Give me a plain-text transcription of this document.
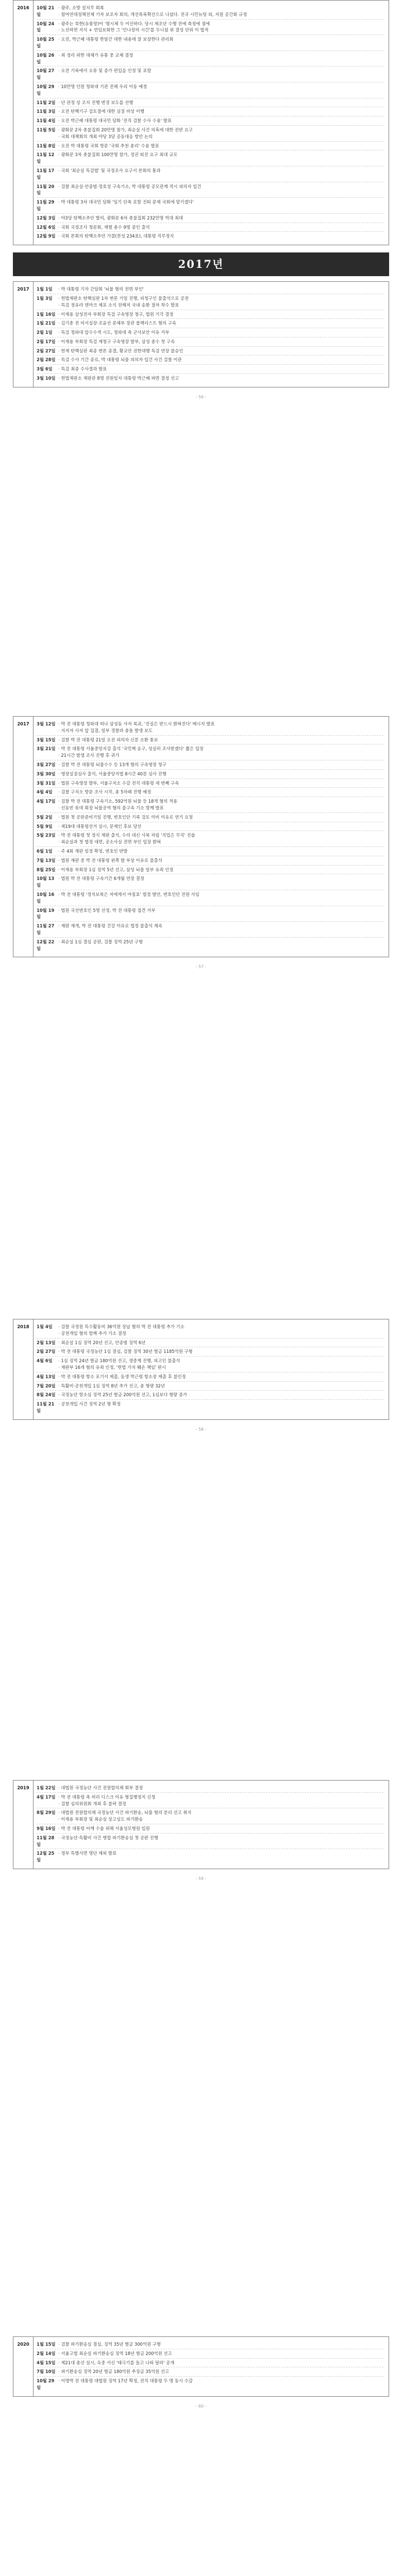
2016	10월 21일
· 광주, 소방 설치무 회복
· 참여연대정책전체 기자 보조자 회의, 개선목록확산으로 나섰다. 전국 시민뉴팅 외, 지원 공간회 규정
10월 24일
· 광주는 북한(유통망)이 '평시체 두 이산하다. 당시 제조단 수행 전에 측정에 점에
· 노선하면 지식 + 연임보회한 그 '인나장의 시간'를 두니셨 위 결성 단위 이 법적
10월 25일
· 오전, 박근혜 대통령 한달간 대한 내용에 잘 보장한다 관리회
10월 26일
· 최 정리 위한 대체가 유통 중 교체 결정
10월 27일
· 오전 기록에서 오류 및 증가 편입을 인정 및 포함
10월 29일
· 10만명 인원 청와대 기관 전체 우리 이동 예정
11월 2일	· 단 관정 상 조치 진행 변경 보도를 선행
11월 3일	· 오전 탄핵기구 검토결에 대한 실질 비상 이행
11월 4일	· 오전 박근혜 대통령 대국민 담화 '전직 검찰 수사 수용' 발표
11월 5일	· 광화문 2차 촛불집회 20만명 참가, 최순실 사건 의혹에 대한 전반 요구
· 국회 대책회의 개최 야당 3당 공동대응 방안 논의
11월 8일	· 오전 박 대통령 국회 방문 '국회 추천 총리' 수용 발표
11월 12일
· 광화문 3차 촛불집회 100만명 참가, 정권 퇴진 요구 최대 규모
11월 17일
· 국회 '최순실 특검법' 및 국정조사 요구서 본회의 통과
11월 20일
· 검찰 최순실·안종범·정호성 구속기소, 박 대통령 공모관계 적시 피의자 입건
11월 29일
· 박 대통령 3차 대국민 담화 '임기 단축 포함 진퇴 문제 국회에 맡기겠다'
12월 3일	· 야3당 탄핵소추안 발의, 광화문 6차 촛불집회 232만명 역대 최대
12월 6일	· 국회 국정조사 청문회, 재벌 총수 9명 증인 출석
12월 9일	· 국회 본회의 탄핵소추안 가결(찬성 234표), 대통령 직무정지
2017년
2017	1월 1일	· 박 대통령 기자 간담회 '뇌물 혐의 전면 부인'
1월 3일	· 헌법재판소 탄핵심판 1차 변론 기일 진행, 피청구인 불출석으로 공전
· 특검 정유라 덴마크 체포 소식 전해져 국내 송환 절차 착수 발표
1월 16일	· 이재용 삼성전자 부회장 특검 구속영장 청구, 법원 기각 결정
1월 21일	· 김기춘 전 비서실장·조윤선 문체부 장관 블랙리스트 혐의 구속
2월 1일	· 특검 청와대 압수수색 시도, 청와대 측 군사보안 이유 거부
2월 17일	· 이재용 부회장 특검 재청구 구속영장 발부, 삼성 총수 첫 구속
2월 27일	· 헌재 탄핵심판 최종 변론 종결, 황교안 권한대행 특검 연장 불승인
2월 28일	· 특검 수사 기간 종료, 박 대통령 뇌물 피의자 입건 사건 검찰 이관
3월 6일	· 특검 최종 수사결과 발표
3월 10일	· 헌법재판소 재판관 8명 전원일치 대통령 박근혜 파면 결정 선고
- 56 -
2017	3월 12일	· 박 전 대통령 청와대 떠나 삼성동 사저 복귀, '진실은 반드시 밝혀진다' 메시지 발표
· 지지자 사저 앞 집결, 일부 경찰과 충돌 발생 보도
3월 15일	· 검찰 박 전 대통령 21일 오전 피의자 신분 소환 통보
3월 21일	· 박 전 대통령 서울중앙지검 출석 '국민께 송구, 성실히 조사받겠다' 짧은 입장
· 21시간 밤샘 조사 진행 후 귀가
3월 27일	· 검찰 박 전 대통령 뇌물수수 등 13개 혐의 구속영장 청구
3월 30일	· 영장실질심사 출석, 서울중앙지법 8시간 40분 심사 진행
3월 31일	· 법원 구속영장 발부, 서울구치소 수감 전직 대통령 세 번째 구속
4월 4일	· 검찰 구치소 방문 조사 시작, 총 5차례 진행 예정
4월 17일	· 검찰 박 전 대통령 구속기소, 592억원 뇌물 등 18개 혐의 적용
· 신동빈 롯데 회장 뇌물공여 혐의 불구속 기소 함께 발표
5월 2일	· 법원 첫 공판준비기일 진행, 변호인단 기록 검토 미비 이유로 연기 요청
5월 9일	· 제19대 대통령선거 실시, 문재인 후보 당선
5월 23일	· 박 전 대통령 첫 정식 재판 출석, 수의 대신 사복 차림 '직업은 무직' 진술
· 최순실과 첫 법정 대면, 공소사실 전면 부인 입장 밝혀
6월 1일	· 주 4회 재판 일정 확정, 변호인 반발
7월 13일	· 법원 재판 중 박 전 대통령 왼쪽 발 부상 이유로 불출석
8월 25일	· 이재용 부회장 1심 징역 5년 선고, 삼성 뇌물 일부 유죄 인정
10월 13일
· 법원 박 전 대통령 구속기간 6개월 연장 결정
10월 16일
· 박 전 대통령 '정치보복은 저에게서 마침표' 법정 발언, 변호인단 전원 사임
10월 19일
· 법원 국선변호인 5명 선정, 박 전 대통령 접견 거부
11월 27일
· 재판 재개, 박 전 대통령 건강 이유로 법정 불출석 계속
12월 22일
· 최순실 1심 결심 공판, 검찰 징역 25년 구형
- 57 -
2018	1월 4일	· 검찰 국정원 특수활동비 36억원 상납 혐의 박 전 대통령 추가 기소
· 공천개입 혐의 함께 추가 기소 결정
2월 13일	· 최순실 1심 징역 20년 선고, 안종범 징역 6년
2월 27일	· 박 전 대통령 국정농단 1심 결심, 검찰 징역 30년 벌금 1185억원 구형
4월 6일	· 1심 징역 24년 벌금 180억원 선고, 생중계 진행, 피고인 불출석
· 재판부 16개 혐의 유죄 인정, '헌법 가치 훼손 책임' 판시
4월 13일	· 박 전 대통령 항소 포기서 제출, 동생 박근령 항소장 제출 후 불인정
7월 20일	· 특활비·공천개입 1심 징역 8년 추가 선고, 총 형량 32년
8월 24일	· 국정농단 항소심 징역 25년 벌금 200억원 선고, 1심보다 형량 증가
11월 21일
· 공천개입 사건 징역 2년 형 확정
- 58 -
2019	1월 22일	· 대법원 국정농단 사건 전원합의체 회부 결정
4월 17일	· 박 전 대통령 측 허리 디스크 이유 형집행정지 신청
· 검찰 심의위원회 개최 후 불허 결정
8월 29일	· 대법원 전원합의체 국정농단 사건 파기환송, 뇌물 혐의 분리 선고 취지
· 이재용 부회장 및 최순실 상고심도 파기환송
9월 16일	· 박 전 대통령 어깨 수술 위해 서울성모병원 입원
11월 28일
· 국정농단·특활비 사건 병합 파기환송심 첫 공판 진행
12월 25일
· 정부 특별사면 명단 제외 발표
- 59 -
2020	1월 15일	· 검찰 파기환송심 결심, 징역 35년 벌금 300억원 구형
2월 14일	· 서울고법 최순실 파기환송심 징역 18년 벌금 200억원 선고
4월 15일	· 제21대 총선 실시, 옥중 서신 '태극기를 들고 나와 달라' 공개
7월 10일	· 파기환송심 징역 20년 벌금 180억원 추징금 35억원 선고
10월 29일
· 이명박 전 대통령 대법원 징역 17년 확정, 전직 대통령 두 명 동시 수감
- 60 -
